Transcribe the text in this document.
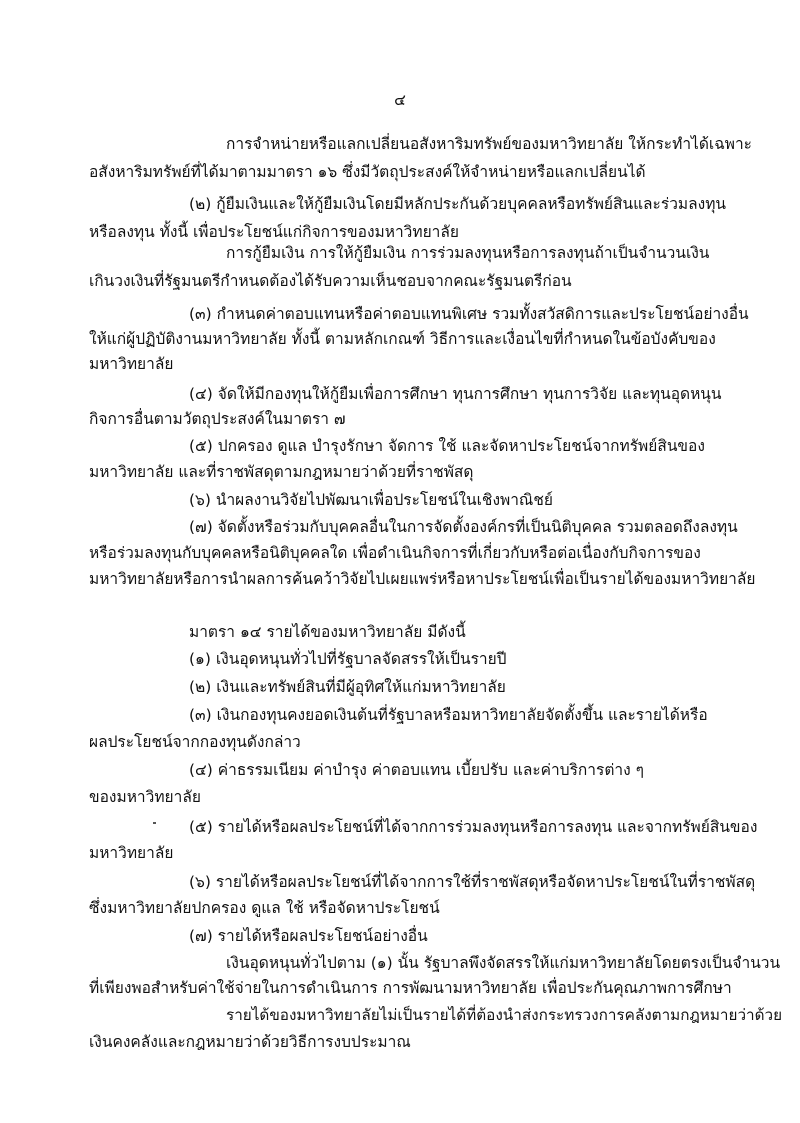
๔
การจำหน่ายหรือแลกเปลี่ยนอสังหาริมทรัพย์ของมหาวิทยาลัย ให้กระทำได้เฉพาะ
อสังหาริมทรัพย์ที่ได้มาตามมาตรา ๑๖ ซึ่งมีวัตถุประสงค์ให้จำหน่ายหรือแลกเปลี่ยนได้
(๒) กู้ยืมเงินและให้กู้ยืมเงินโดยมีหลักประกันด้วยบุคคลหรือทรัพย์สินและร่วมลงทุน
หรือลงทุน ทั้งนี้ เพื่อประโยชน์แก่กิจการของมหาวิทยาลัย
การกู้ยืมเงิน การให้กู้ยืมเงิน การร่วมลงทุนหรือการลงทุนถ้าเป็นจำนวนเงิน
เกินวงเงินที่รัฐมนตรีกำหนดต้องได้รับความเห็นชอบจากคณะรัฐมนตรีก่อน
(๓) กำหนดค่าตอบแทนหรือค่าตอบแทนพิเศษ รวมทั้งสวัสดิการและประโยชน์อย่างอื่น
ให้แก่ผู้ปฏิบัติงานมหาวิทยาลัย ทั้งนี้ ตามหลักเกณฑ์ วิธีการและเงื่อนไขที่กำหนดในข้อบังคับของ
มหาวิทยาลัย
(๔) จัดให้มีกองทุนให้กู้ยืมเพื่อการศึกษา ทุนการศึกษา ทุนการวิจัย และทุนอุดหนุน
กิจการอื่นตามวัตถุประสงค์ในมาตรา ๗
(๕) ปกครอง ดูแล บำรุงรักษา จัดการ ใช้ และจัดหาประโยชน์จากทรัพย์สินของ
มหาวิทยาลัย และที่ราชพัสดุตามกฎหมายว่าด้วยที่ราชพัสดุ
(๖) นำผลงานวิจัยไปพัฒนาเพื่อประโยชน์ในเชิงพาณิชย์
(๗) จัดตั้งหรือร่วมกับบุคคลอื่นในการจัดตั้งองค์กรที่เป็นนิติบุคคล รวมตลอดถึงลงทุน
หรือร่วมลงทุนกับบุคคลหรือนิติบุคคลใด เพื่อดำเนินกิจการที่เกี่ยวกับหรือต่อเนื่องกับกิจการของ
มหาวิทยาลัยหรือการนำผลการค้นคว้าวิจัยไปเผยแพร่หรือหาประโยชน์เพื่อเป็นรายได้ของมหาวิทยาลัย
มาตรา ๑๔ รายได้ของมหาวิทยาลัย มีดังนี้
(๑) เงินอุดหนุนทั่วไปที่รัฐบาลจัดสรรให้เป็นรายปี
(๒) เงินและทรัพย์สินที่มีผู้อุทิศให้แก่มหาวิทยาลัย
(๓) เงินกองทุนคงยอดเงินต้นที่รัฐบาลหรือมหาวิทยาลัยจัดตั้งขึ้น และรายได้หรือ
ผลประโยชน์จากกองทุนดังกล่าว
(๔) ค่าธรรมเนียม ค่าบำรุง ค่าตอบแทน เบี้ยปรับ และค่าบริการต่าง ๆ
ของมหาวิทยาลัย
(๕) รายได้หรือผลประโยชน์ที่ได้จากการร่วมลงทุนหรือการลงทุน และจากทรัพย์สินของ
มหาวิทยาลัย
(๖) รายได้หรือผลประโยชน์ที่ได้จากการใช้ที่ราชพัสดุหรือจัดหาประโยชน์ในที่ราชพัสดุ
ซึ่งมหาวิทยาลัยปกครอง ดูแล ใช้ หรือจัดหาประโยชน์
(๗) รายได้หรือผลประโยชน์อย่างอื่น
เงินอุดหนุนทั่วไปตาม (๑) นั้น รัฐบาลพึงจัดสรรให้แก่มหาวิทยาลัยโดยตรงเป็นจำนวน
ที่เพียงพอสำหรับค่าใช้จ่ายในการดำเนินการ การพัฒนามหาวิทยาลัย เพื่อประกันคุณภาพการศึกษา
รายได้ของมหาวิทยาลัยไม่เป็นรายได้ที่ต้องนำส่งกระทรวงการคลังตามกฎหมายว่าด้วย
เงินคงคลังและกฎหมายว่าด้วยวิธีการงบประมาณ
